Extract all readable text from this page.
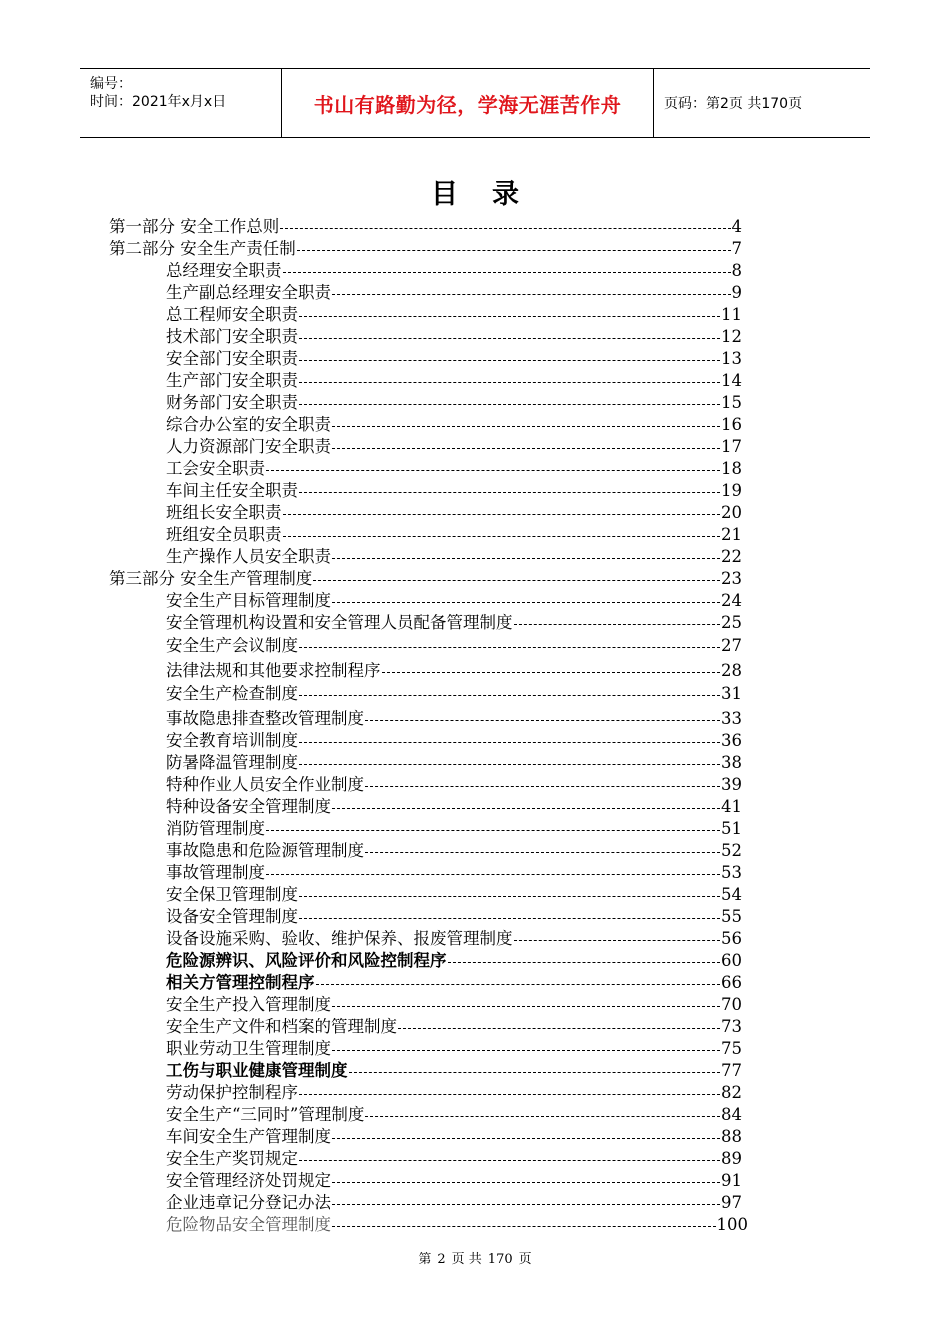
编号：
时间：2021年x月x日	书山有路勤为径，学海无涯苦作舟	页码：第2页 共170页
目录
第一部分 安全工作总则	4
第二部分 安全生产责任制	7
总经理安全职责	8
生产副总经理安全职责	9
总工程师安全职责	11
技术部门安全职责	12
安全部门安全职责	13
生产部门安全职责	14
财务部门安全职责	15
综合办公室的安全职责	16
人力资源部门安全职责	17
工会安全职责	18
车间主任安全职责	19
班组长安全职责	20
班组安全员职责	21
生产操作人员安全职责	22
第三部分 安全生产管理制度	23
安全生产目标管理制度	24
安全管理机构设置和安全管理人员配备管理制度	25
安全生产会议制度	27
法律法规和其他要求控制程序	28
安全生产检查制度	31
事故隐患排查整改管理制度	33
安全教育培训制度	36
防暑降温管理制度	38
特种作业人员安全作业制度	39
特种设备安全管理制度	41
消防管理制度	51
事故隐患和危险源管理制度	52
事故管理制度	53
安全保卫管理制度	54
设备安全管理制度	55
设备设施采购、验收、维护保养、报废管理制度	56
危险源辨识、风险评价和风险控制程序	60
相关方管理控制程序	66
安全生产投入管理制度	70
安全生产文件和档案的管理制度	73
职业劳动卫生管理制度	75
工伤与职业健康管理制度	77
劳动保护控制程序	82
安全生产“三同时”管理制度	84
车间安全生产管理制度	88
安全生产奖罚规定	89
安全管理经济处罚规定	91
企业违章记分登记办法	97
危险物品安全管理制度	100
第 2 页 共 170 页
